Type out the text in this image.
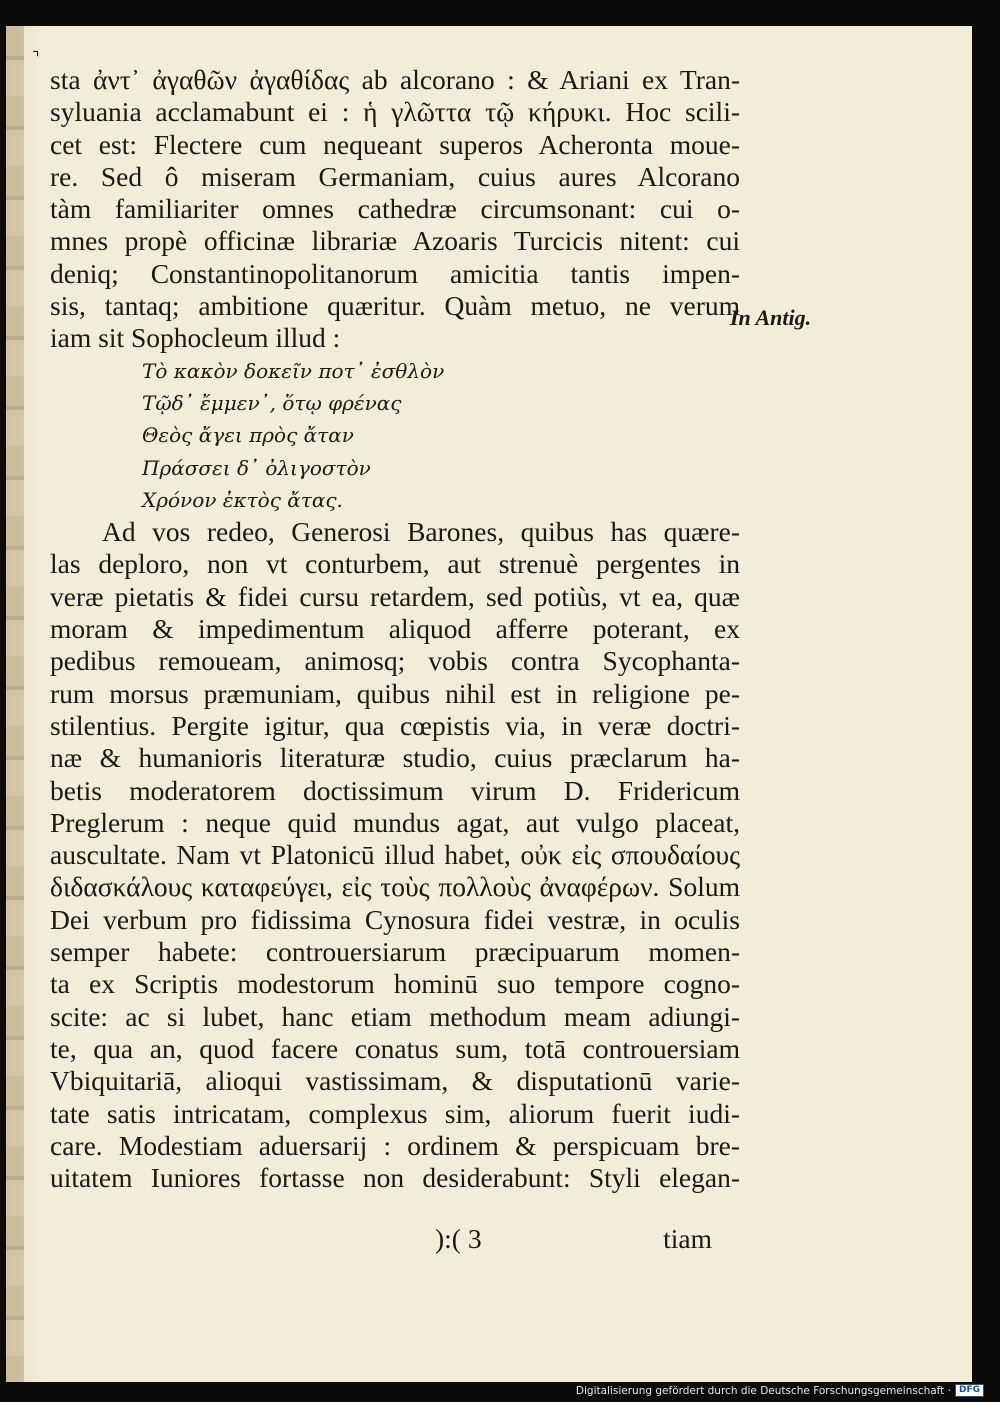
⌝
sta ἀντ᾽ ἀγαθῶν ἀγαθίδας ab alcorano : & Ariani ex Tran-
syluania acclamabunt ei : ἡ γλῶττα τῷ κήρυκι. Hoc scili-
cet est: Flectere cum nequeant superos Acheronta moue-
re. Sed ô miseram Germaniam, cuius aures Alcorano
tàm familiariter omnes cathedræ circumsonant: cui o-
mnes propè officinæ librariæ Azoaris Turcicis nitent: cui
deniq; Constantinopolitanorum amicitia tantis impen-
sis, tantaq; ambitione quæritur. Quàm metuo, ne verum
iam sit Sophocleum illud :
Τὸ κακὸν δοκεῖν ποτ᾽ ἐσθλὸν
Τῷδ᾽ ἔμμεν᾽, ὅτῳ φρένας
Θεὸς ἄγει πρὸς ἄταν
Πράσσει δ᾽ ὀλιγοστὸν
Χρόνον ἐκτὸς ἄτας.
Ad vos redeo, Generosi Barones, quibus has quære-
las deploro, non vt conturbem, aut strenuè pergentes in
veræ pietatis & fidei cursu retardem, sed potiùs, vt ea, quæ
moram & impedimentum aliquod afferre poterant, ex
pedibus remoueam, animosq; vobis contra Sycophanta-
rum morsus præmuniam, quibus nihil est in religione pe-
stilentius. Pergite igitur, qua cœpistis via, in veræ doctri-
næ & humanioris literaturæ studio, cuius præclarum ha-
betis moderatorem doctissimum virum D. Fridericum
Preglerum : neque quid mundus agat, aut vulgo placeat,
auscultate. Nam vt Platonicū illud habet, οὐκ εἰς σπουδαίους
διδασκάλους καταφεύγει, εἰς τοὺς πολλοὺς ἀναφέρων. Solum
Dei verbum pro fidissima Cynosura fidei vestræ, in oculis
semper habete: controuersiarum præcipuarum momen-
ta ex Scriptis modestorum hominū suo tempore cogno-
scite: ac si lubet, hanc etiam methodum meam adiungi-
te, qua an, quod facere conatus sum, totā controuersiam
Vbiquitariā, alioqui vastissimam, & disputationū varie-
tate satis intricatam, complexus sim, aliorum fuerit iudi-
care. Modestiam aduersarij : ordinem & perspicuam bre-
uitatem Iuniores fortasse non desiderabunt: Styli elegan-
In Antig.
):( 3	tiam
Digitalisierung gefördert durch die Deutsche Forschungsgemeinschaft · DFG
